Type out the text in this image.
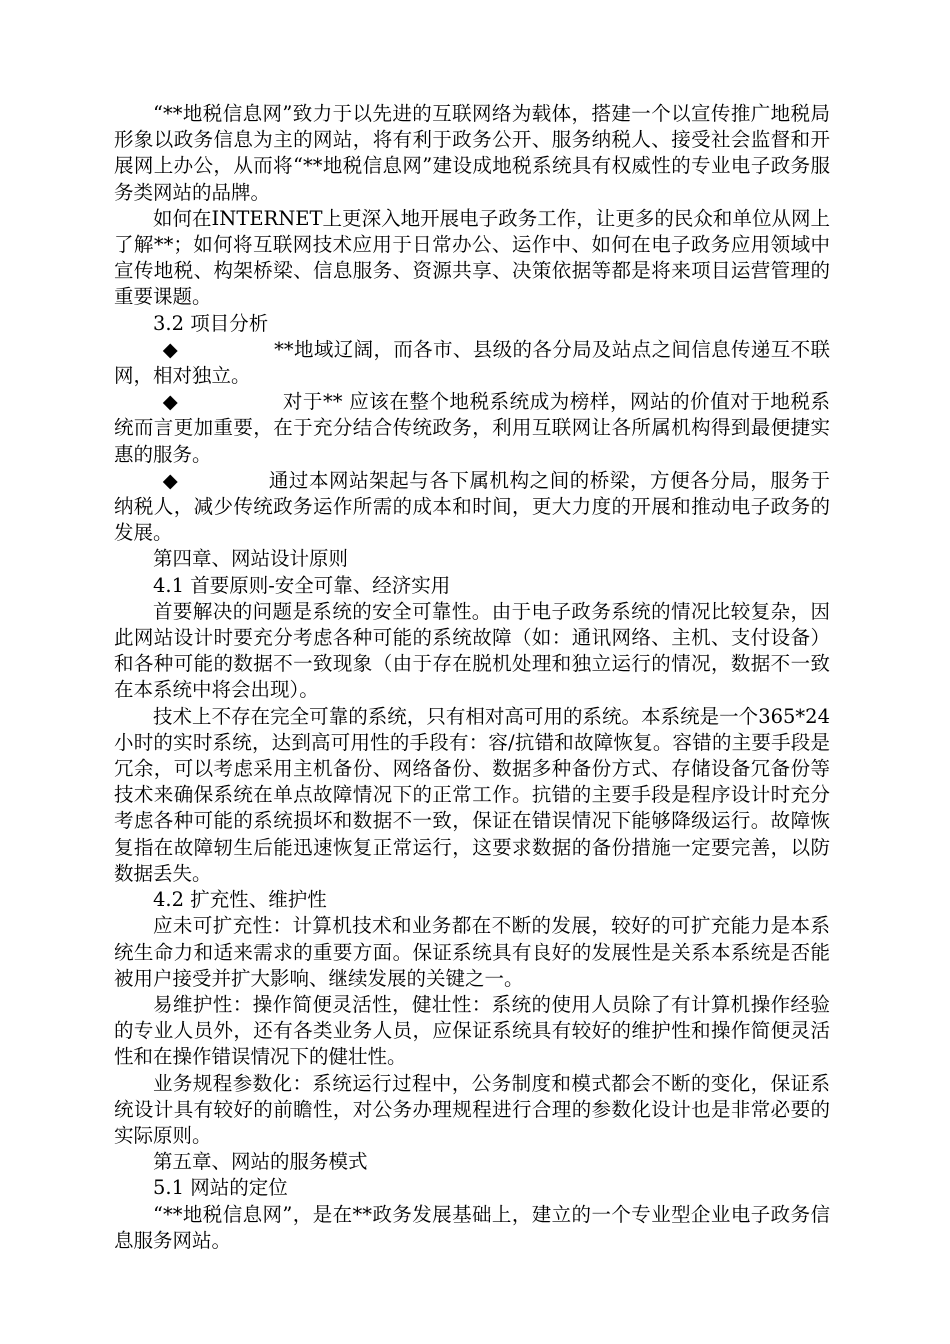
“**地税信息网”致力于以先进的互联网络为载体，搭建一个以宣传推广地税局形象以政务信息为主的网站，将有利于政务公开、服务纳税人、接受社会监督和开展网上办公，从而将“**地税信息网”建设成地税系统具有权威性的专业电子政务服务类网站的品牌。

如何在INTERNET上更深入地开展电子政务工作，让更多的民众和单位从网上了解**；如何将互联网技术应用于日常办公、运作中、如何在电子政务应用领域中宣传地税、构架桥梁、信息服务、资源共享、决策依据等都是将来项目运营管理的重要课题。

3.2 项目分析

◆	**地域辽阔，而各市、县级的各分局及站点之间信息传递互不联网，相对独立。

◆	对于** 应该在整个地税系统成为榜样，网站的价值对于地税系统而言更加重要，在于充分结合传统政务，利用互联网让各所属机构得到最便捷实惠的服务。

◆	通过本网站架起与各下属机构之间的桥梁，方便各分局，服务于纳税人，减少传统政务运作所需的成本和时间，更大力度的开展和推动电子政务的发展。

第四章、网站设计原则

4.1 首要原则-安全可靠、经济实用

首要解决的问题是系统的安全可靠性。由于电子政务系统的情况比较复杂，因此网站设计时要充分考虑各种可能的系统故障（如：通讯网络、主机、支付设备）和各种可能的数据不一致现象（由于存在脱机处理和独立运行的情况，数据不一致在本系统中将会出现）。

技术上不存在完全可靠的系统，只有相对高可用的系统。本系统是一个365*24小时的实时系统，达到高可用性的手段有：容/抗错和故障恢复。容错的主要手段是冗余，可以考虑采用主机备份、网络备份、数据多种备份方式、存储设备冗备份等技术来确保系统在单点故障情况下的正常工作。抗错的主要手段是程序设计时充分考虑各种可能的系统损坏和数据不一致，保证在错误情况下能够降级运行。故障恢复指在故障轫生后能迅速恢复正常运行，这要求数据的备份措施一定要完善，以防数据丢失。

4.2 扩充性、维护性

应未可扩充性：计算机技术和业务都在不断的发展，较好的可扩充能力是本系统生命力和适来需求的重要方面。保证系统具有良好的发展性是关系本系统是否能被用户接受并扩大影响、继续发展的关键之一。

易维护性：操作简便灵活性，健壮性：系统的使用人员除了有计算机操作经验的专业人员外，还有各类业务人员，应保证系统具有较好的维护性和操作简便灵活性和在操作错误情况下的健壮性。

业务规程参数化：系统运行过程中，公务制度和模式都会不断的变化，保证系统设计具有较好的前瞻性，对公务办理规程进行合理的参数化设计也是非常必要的实际原则。

第五章、网站的服务模式

5.1 网站的定位

“**地税信息网”，是在**政务发展基础上，建立的一个专业型企业电子政务信息服务网站。
